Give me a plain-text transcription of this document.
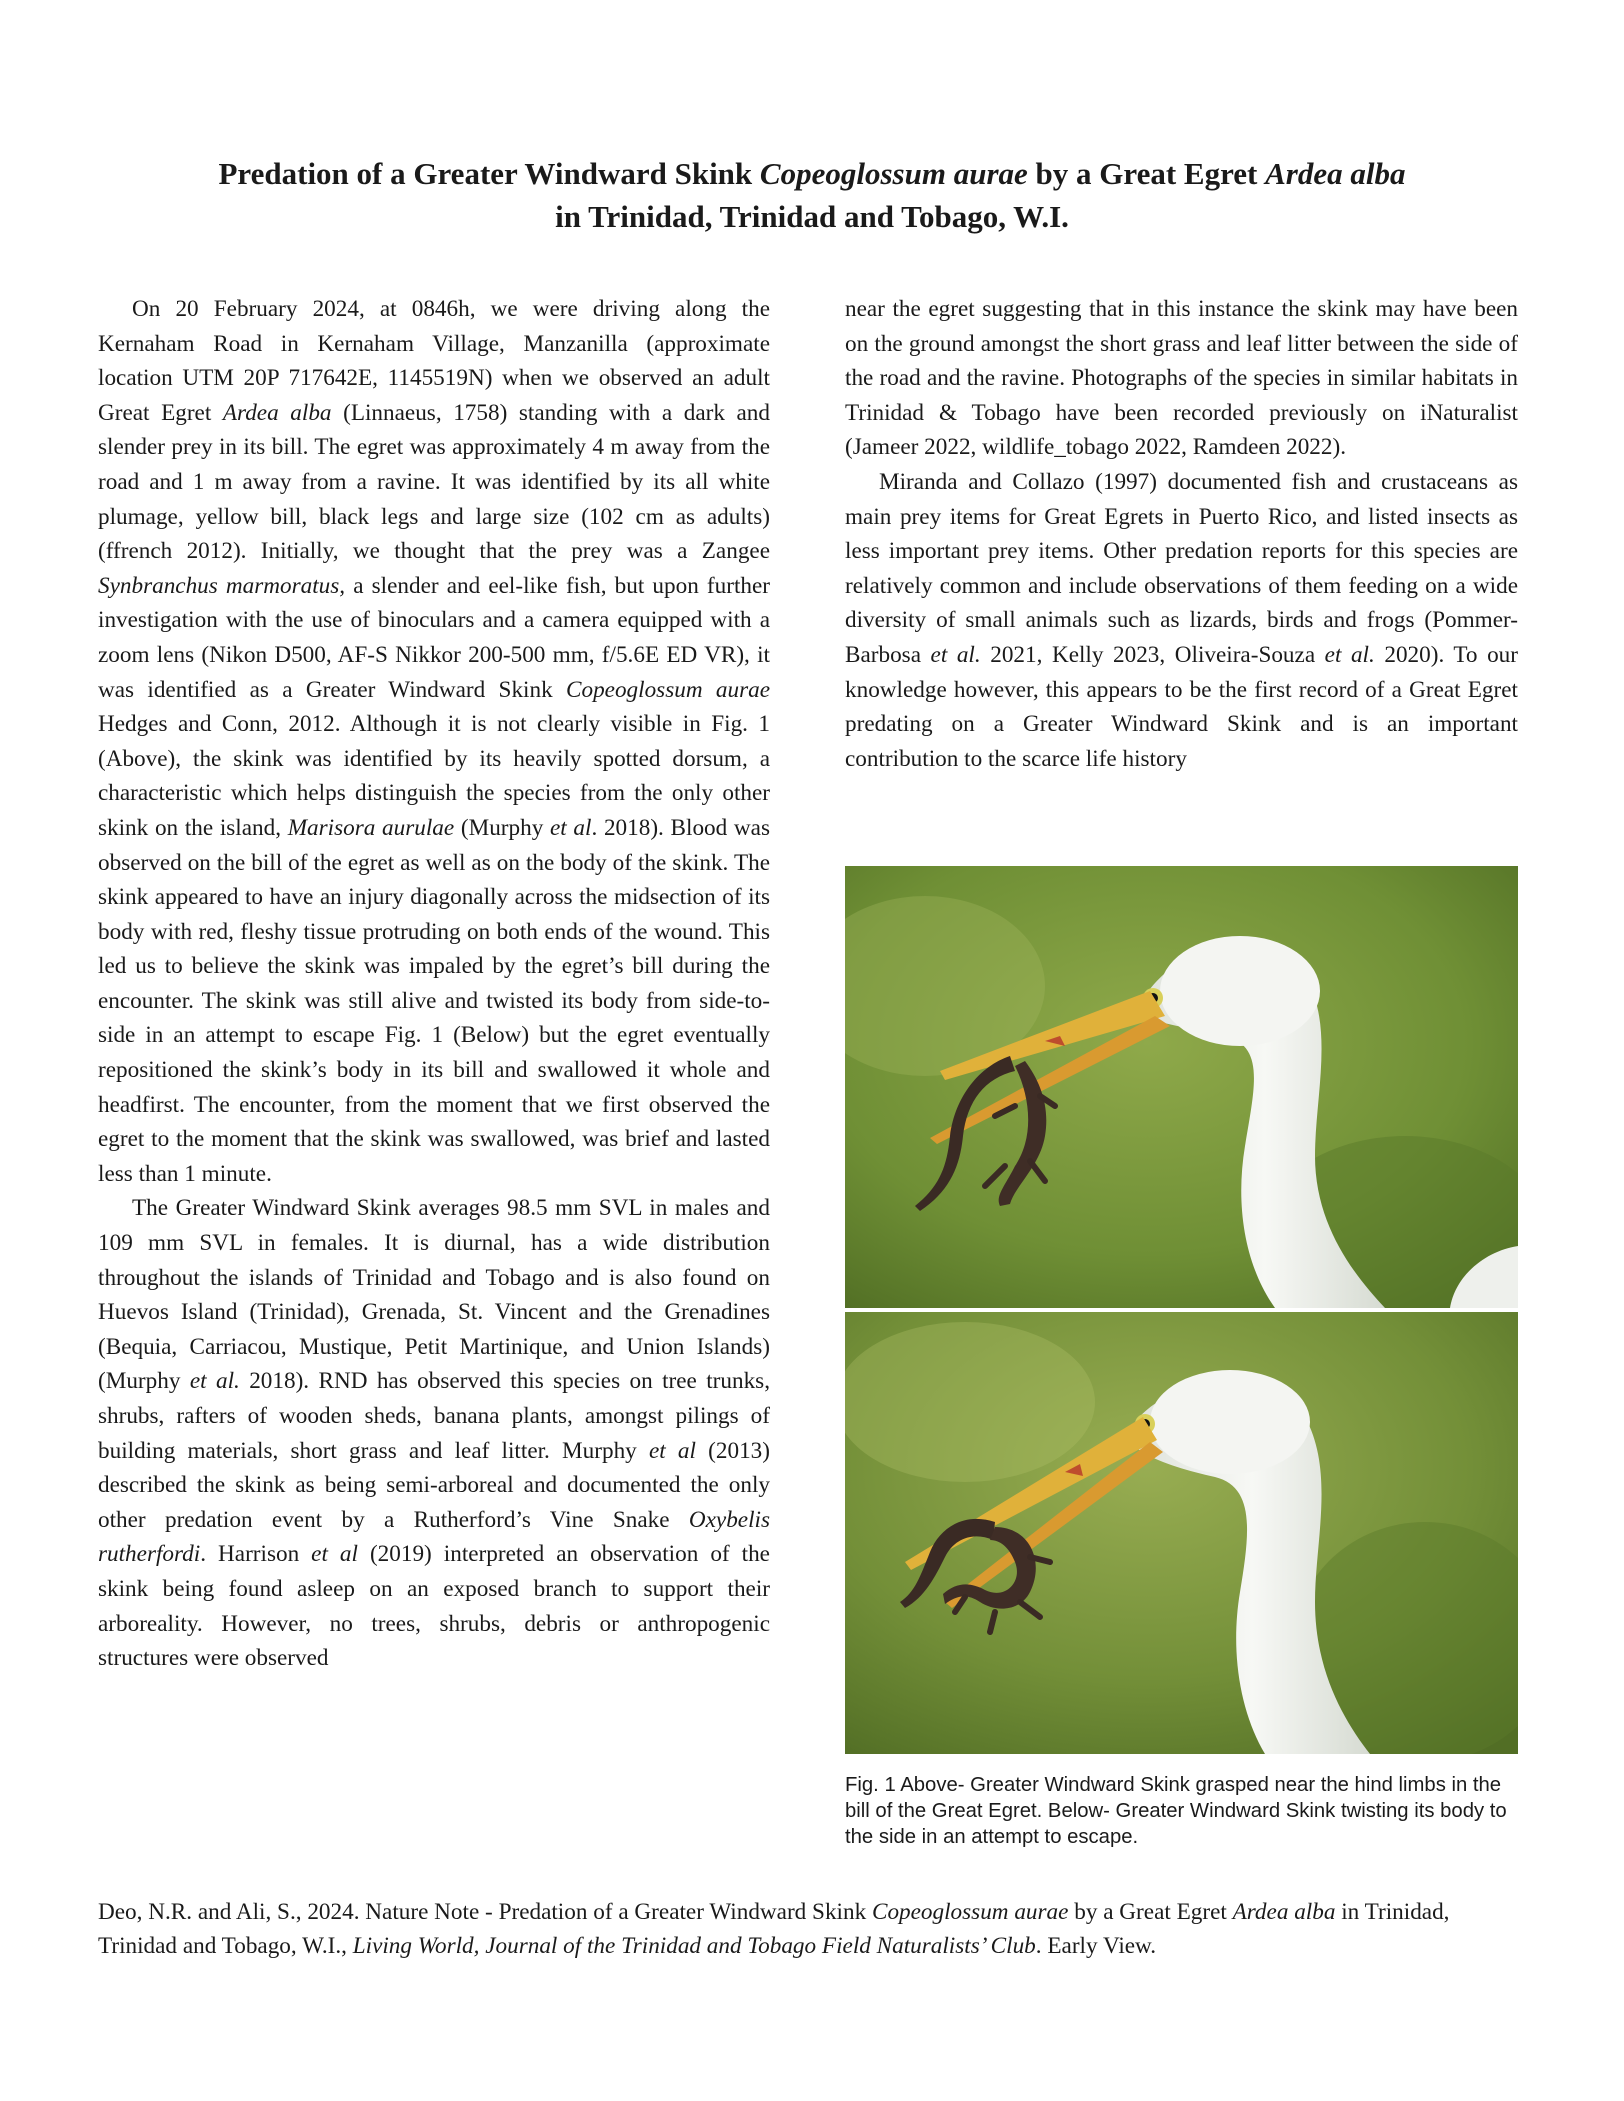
Predation of a Greater Windward Skink Copeoglossum aurae by a Great Egret Ardea alba
in Trinidad, Trinidad and Tobago, W.I.

On 20 February 2024, at 0846h, we were driving along the Kernaham Road in Kernaham Village, Manzanilla (approximate location UTM 20P 717642E, 1145519N) when we observed an adult Great Egret Ardea alba (Linnaeus, 1758) standing with a dark and slender prey in its bill. The egret was approximately 4 m away from the road and 1 m away from a ravine. It was identified by its all white plumage, yellow bill, black legs and large size (102 cm as adults) (ffrench 2012). Initially, we thought that the prey was a Zangee Synbranchus marmoratus, a slender and eel-like fish, but upon further investigation with the use of binoculars and a camera equipped with a zoom lens (Nikon D500, AF-S Nikkor 200-500 mm, f/5.6E ED VR), it was identified as a Greater Windward Skink Copeoglossum aurae Hedges and Conn, 2012. Although it is not clearly visible in Fig. 1 (Above), the skink was identified by its heavily spotted dorsum, a characteristic which helps distinguish the species from the only other skink on the island, Marisora aurulae (Murphy et al. 2018). Blood was observed on the bill of the egret as well as on the body of the skink. The skink appeared to have an injury diagonally across the midsection of its body with red, fleshy tissue protruding on both ends of the wound. This led us to believe the skink was impaled by the egret’s bill during the encounter. The skink was still alive and twisted its body from side-to-side in an attempt to escape Fig. 1 (Below) but the egret eventually repositioned the skink’s body in its bill and swallowed it whole and headfirst. The encounter, from the moment that we first observed the egret to the moment that the skink was swallowed, was brief and lasted less than 1 minute.

The Greater Windward Skink averages 98.5 mm SVL in males and 109 mm SVL in females. It is diurnal, has a wide distribution throughout the islands of Trinidad and Tobago and is also found on Huevos Island (Trinidad), Grenada, St. Vincent and the Grenadines (Bequia, Carriacou, Mustique, Petit Martinique, and Union Islands) (Murphy et al. 2018). RND has observed this species on tree trunks, shrubs, rafters of wooden sheds, banana plants, amongst pilings of building materials, short grass and leaf litter. Murphy et al (2013) described the skink as being semi-arboreal and documented the only other predation event by a Rutherford’s Vine Snake Oxybelis rutherfordi. Harrison et al (2019) interpreted an observation of the skink being found asleep on an exposed branch to support their arboreality. However, no trees, shrubs, debris or anthropogenic structures were observed

near the egret suggesting that in this instance the skink may have been on the ground amongst the short grass and leaf litter between the side of the road and the ravine. Photographs of the species in similar habitats in Trinidad & Tobago have been recorded previously on iNaturalist (Jameer 2022, wildlife_tobago 2022, Ramdeen 2022).

Miranda and Collazo (1997) documented fish and crustaceans as main prey items for Great Egrets in Puerto Rico, and listed insects as less important prey items. Other predation reports for this species are relatively common and include observations of them feeding on a wide diversity of small animals such as lizards, birds and frogs (Pommer-Barbosa et al. 2021, Kelly 2023, Oliveira-Souza et al. 2020). To our knowledge however, this appears to be the first record of a Great Egret predating on a Greater Windward Skink and is an important contribution to the scarce life history

Fig. 1 Above- Greater Windward Skink grasped near the hind limbs in the bill of the Great Egret. Below- Greater Windward Skink twisting its body to the side in an attempt to escape.

Deo, N.R. and Ali, S., 2024. Nature Note - Predation of a Greater Windward Skink Copeoglossum aurae by a Great Egret Ardea alba in Trinidad, Trinidad and Tobago, W.I., Living World, Journal of the Trinidad and Tobago Field Naturalists’ Club. Early View.
